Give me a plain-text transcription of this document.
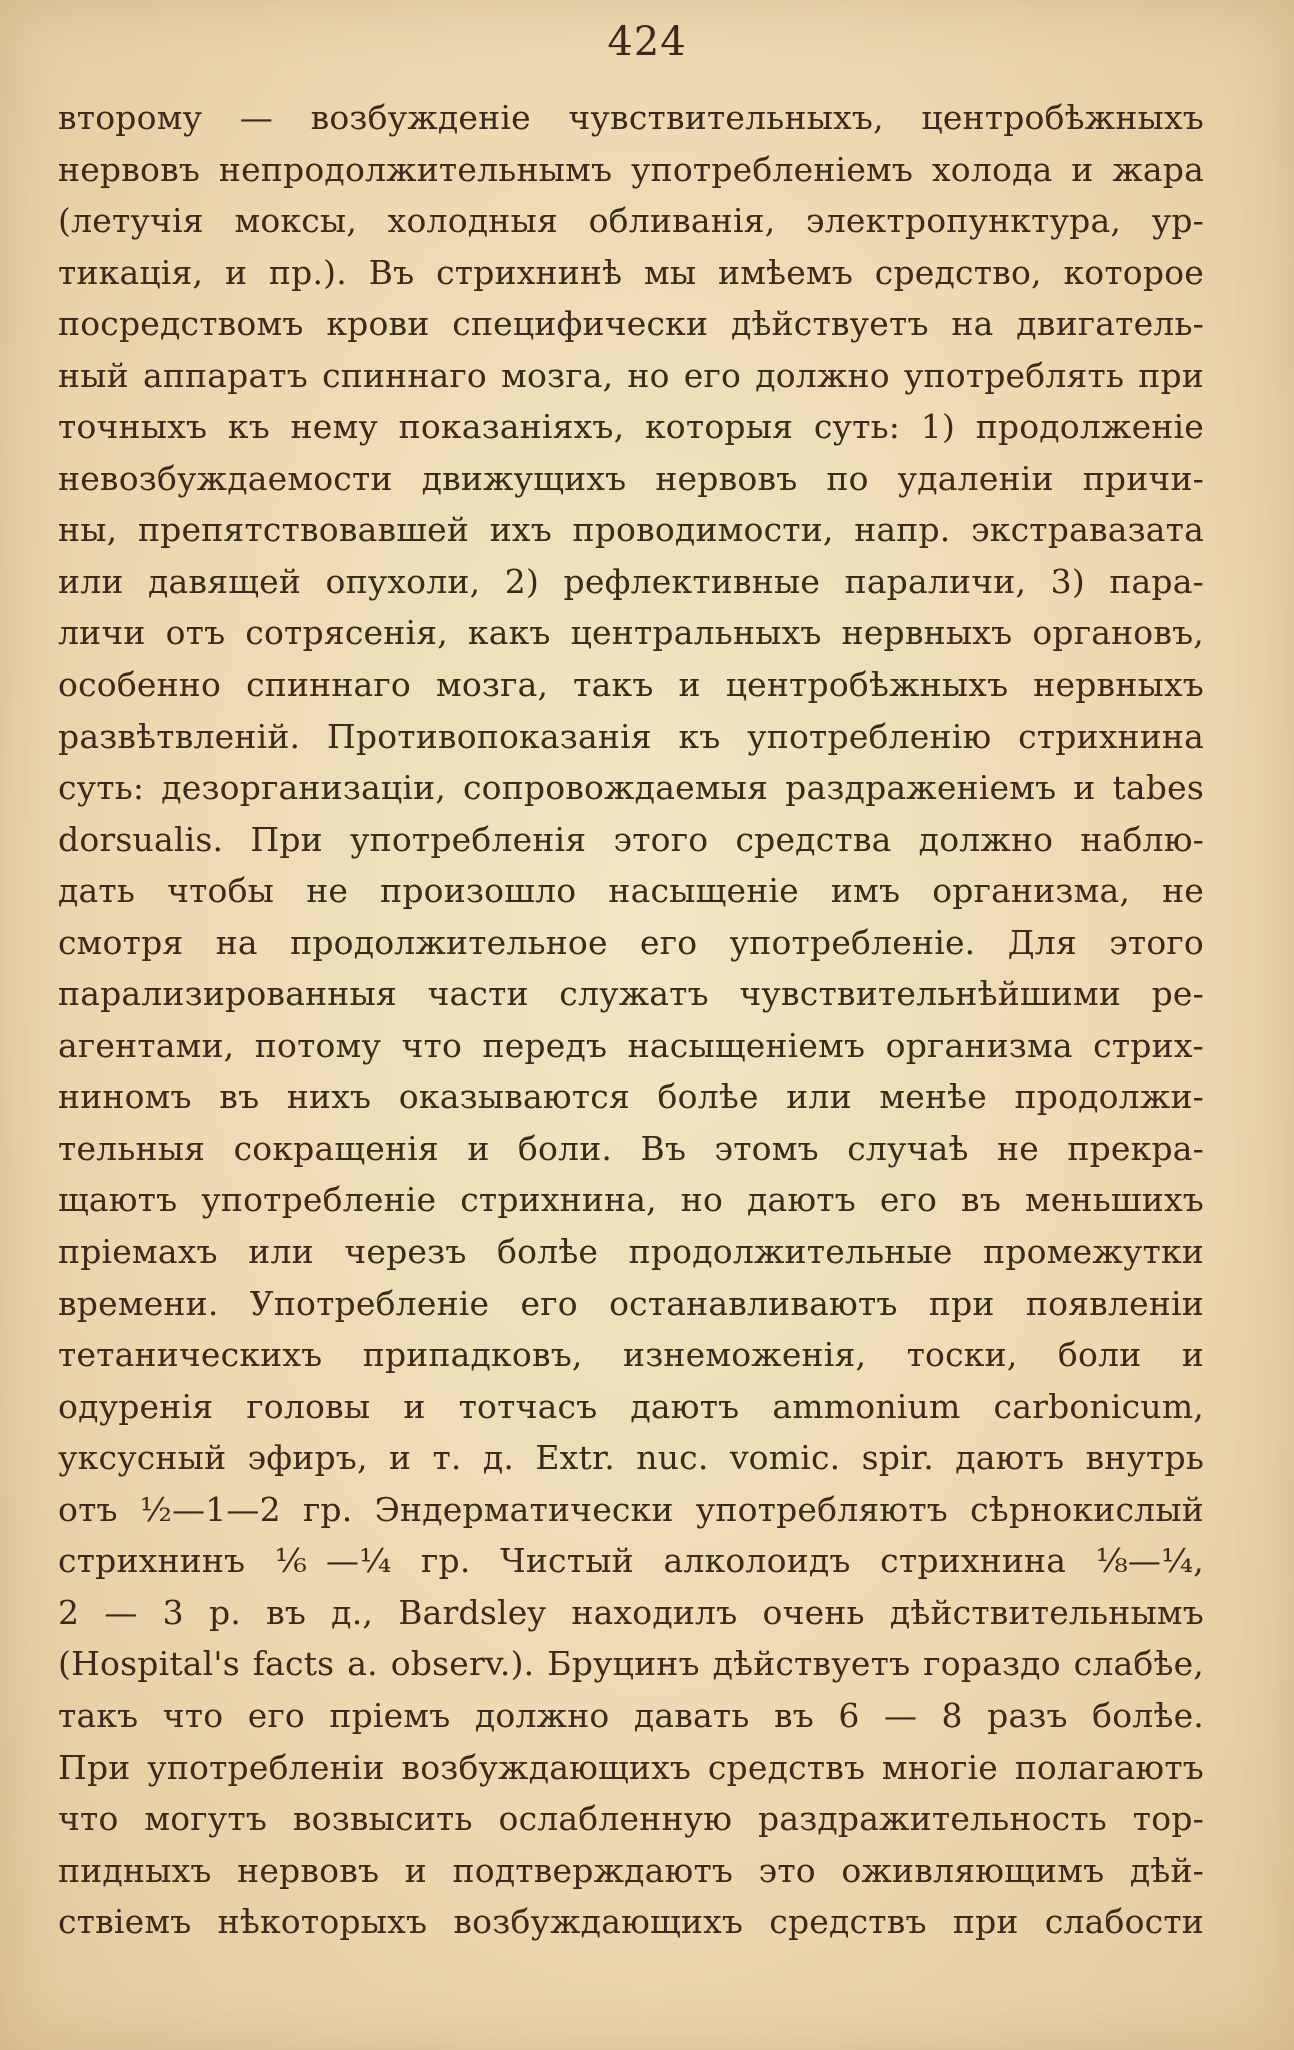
424
второму — возбужденіе чувствительныхъ, центробѣжныхъ
нервовъ непродолжительнымъ употребленіемъ холода и жара
(летучія моксы, холодныя обливанія, электропунктура, ур-
тикація, и пр.). Въ стрихнинѣ мы имѣемъ средство, которое
посредствомъ крови специфически дѣйствуетъ на двигатель-
ный аппаратъ спиннаго мозга, но его должно употреблять при
точныхъ къ нему показаніяхъ, которыя суть: 1) продолженіе
невозбуждаемости движущихъ нервовъ по удаленіи причи-
ны, препятствовавшей ихъ проводимости, напр. экстравазата
или давящей опухоли, 2) рефлективные параличи, 3) пара-
личи отъ сотрясенія, какъ центральныхъ нервныхъ органовъ,
особенно спиннаго мозга, такъ и центробѣжныхъ нервныхъ
развѣтвленій. Противопоказанія къ употребленію стрихнина
суть: дезорганизаціи, сопровождаемыя раздраженіемъ и tabes
dorsualis. При употребленія этого средства должно наблю-
дать чтобы не произошло насыщеніе имъ организма, не
смотря на продолжительное его употребленіе. Для этого
парализированныя части служатъ чувствительнѣйшими ре-
агентами, потому что передъ насыщеніемъ организма стрих-
ниномъ въ нихъ оказываются болѣе или менѣе продолжи-
тельныя сокращенія и боли. Въ этомъ случаѣ не прекра-
щаютъ употребленіе стрихнина, но даютъ его въ меньшихъ
пріемахъ или черезъ болѣе продолжительные промежутки
времени. Употребленіе его останавливаютъ при появленіи
тетаническихъ припадковъ, изнеможенія, тоски, боли и
одуренія головы и тотчасъ даютъ ammonium carbonicum,
уксусный эфиръ, и т. д. Extr. nuc. vomic. spir. даютъ внутрь
отъ ½—1—2 гр. Эндерматически употребляютъ сѣрнокислый
стрихнинъ ⅙—¼ гр. Чистый алколоидъ стрихнина ⅛—¼,
2 — 3 р. въ д., Bardsley находилъ очень дѣйствительнымъ
(Hospital's facts a. observ.). Бруцинъ дѣйствуетъ гораздо слабѣе,
такъ что его пріемъ должно давать въ 6 — 8 разъ болѣе.
При употребленіи возбуждающихъ средствъ многіе полагаютъ
что могутъ возвысить ослабленную раздражительность тор-
пидныхъ нервовъ и подтверждаютъ это оживляющимъ дѣй-
ствіемъ нѣкоторыхъ возбуждающихъ средствъ при слабости
